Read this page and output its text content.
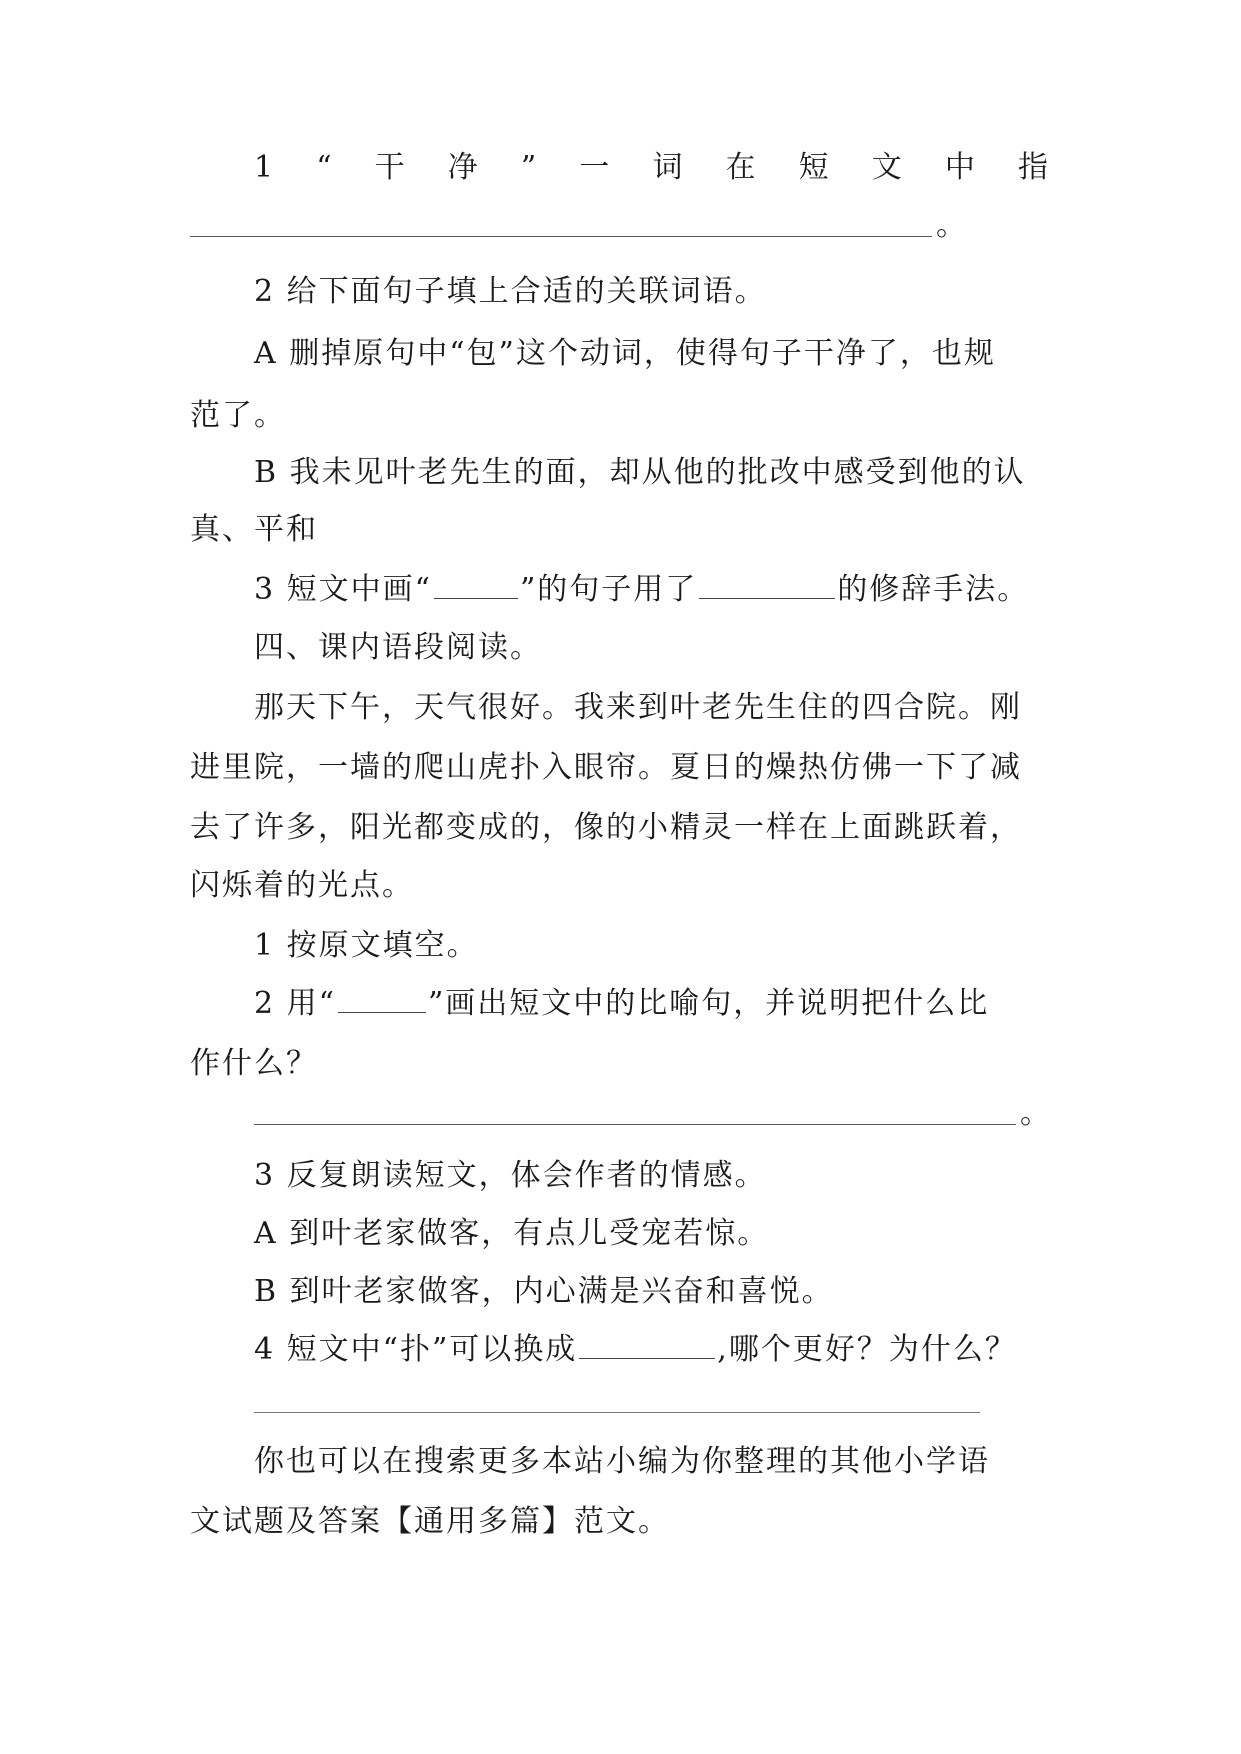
1 “ 干 净 ” 一 词 在 短 文 中 指
。
2 给下面句子填上合适的关联词语。
A 删掉原句中“包”这个动词，使得句子干净了，也规
范了。
B 我未见叶老先生的面，却从他的批改中感受到他的认
真、平和
3 短文中画“	”的句子用了	的修辞手法。
四、课内语段阅读。
那天下午，天气很好。我来到叶老先生住的四合院。刚
进里院，一墙的爬山虎扑入眼帘。夏日的燥热仿佛一下了减
去了许多，阳光都变成的，像的小精灵一样在上面跳跃着，
闪烁着的光点。
1 按原文填空。
2 用“	”画出短文中的比喻句，并说明把什么比
作什么？
。
3 反复朗读短文，体会作者的情感。
A 到叶老家做客，有点儿受宠若惊。
B 到叶老家做客，内心满是兴奋和喜悦。
4 短文中“扑”可以换成	,哪个更好？为什么？
你也可以在搜索更多本站小编为你整理的其他小学语
文试题及答案【通用多篇】范文。
